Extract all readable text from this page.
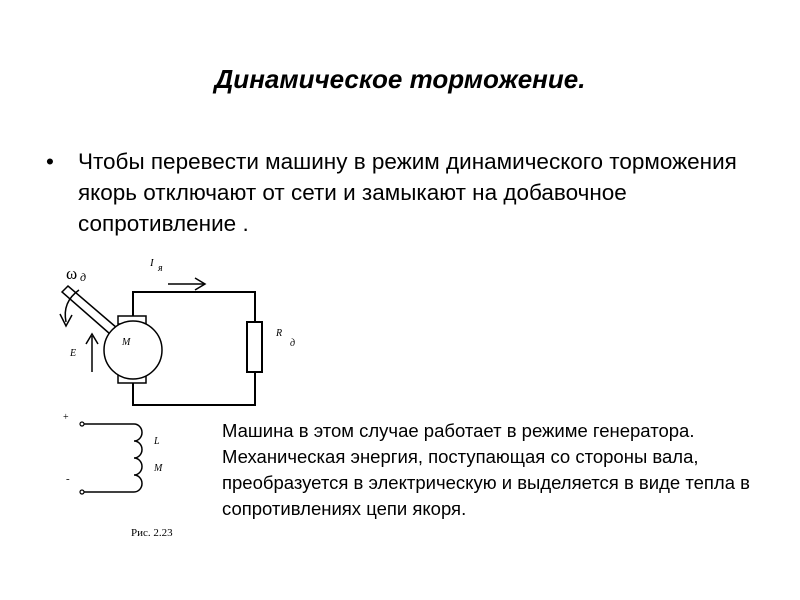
Динамическое торможение.
• Чтобы перевести машину в режим динамического торможения якорь отключают от сети и замыкают на добавочное сопротивление .
ω д
I я
M
R
д
E
+
-
L
M
Рис. 2.23
Машина в этом случае работает в режиме генератора. Механическая энергия, поступающая со стороны вала, преобразуется в электрическую и выделяется в виде тепла в сопротивлениях цепи якоря.
